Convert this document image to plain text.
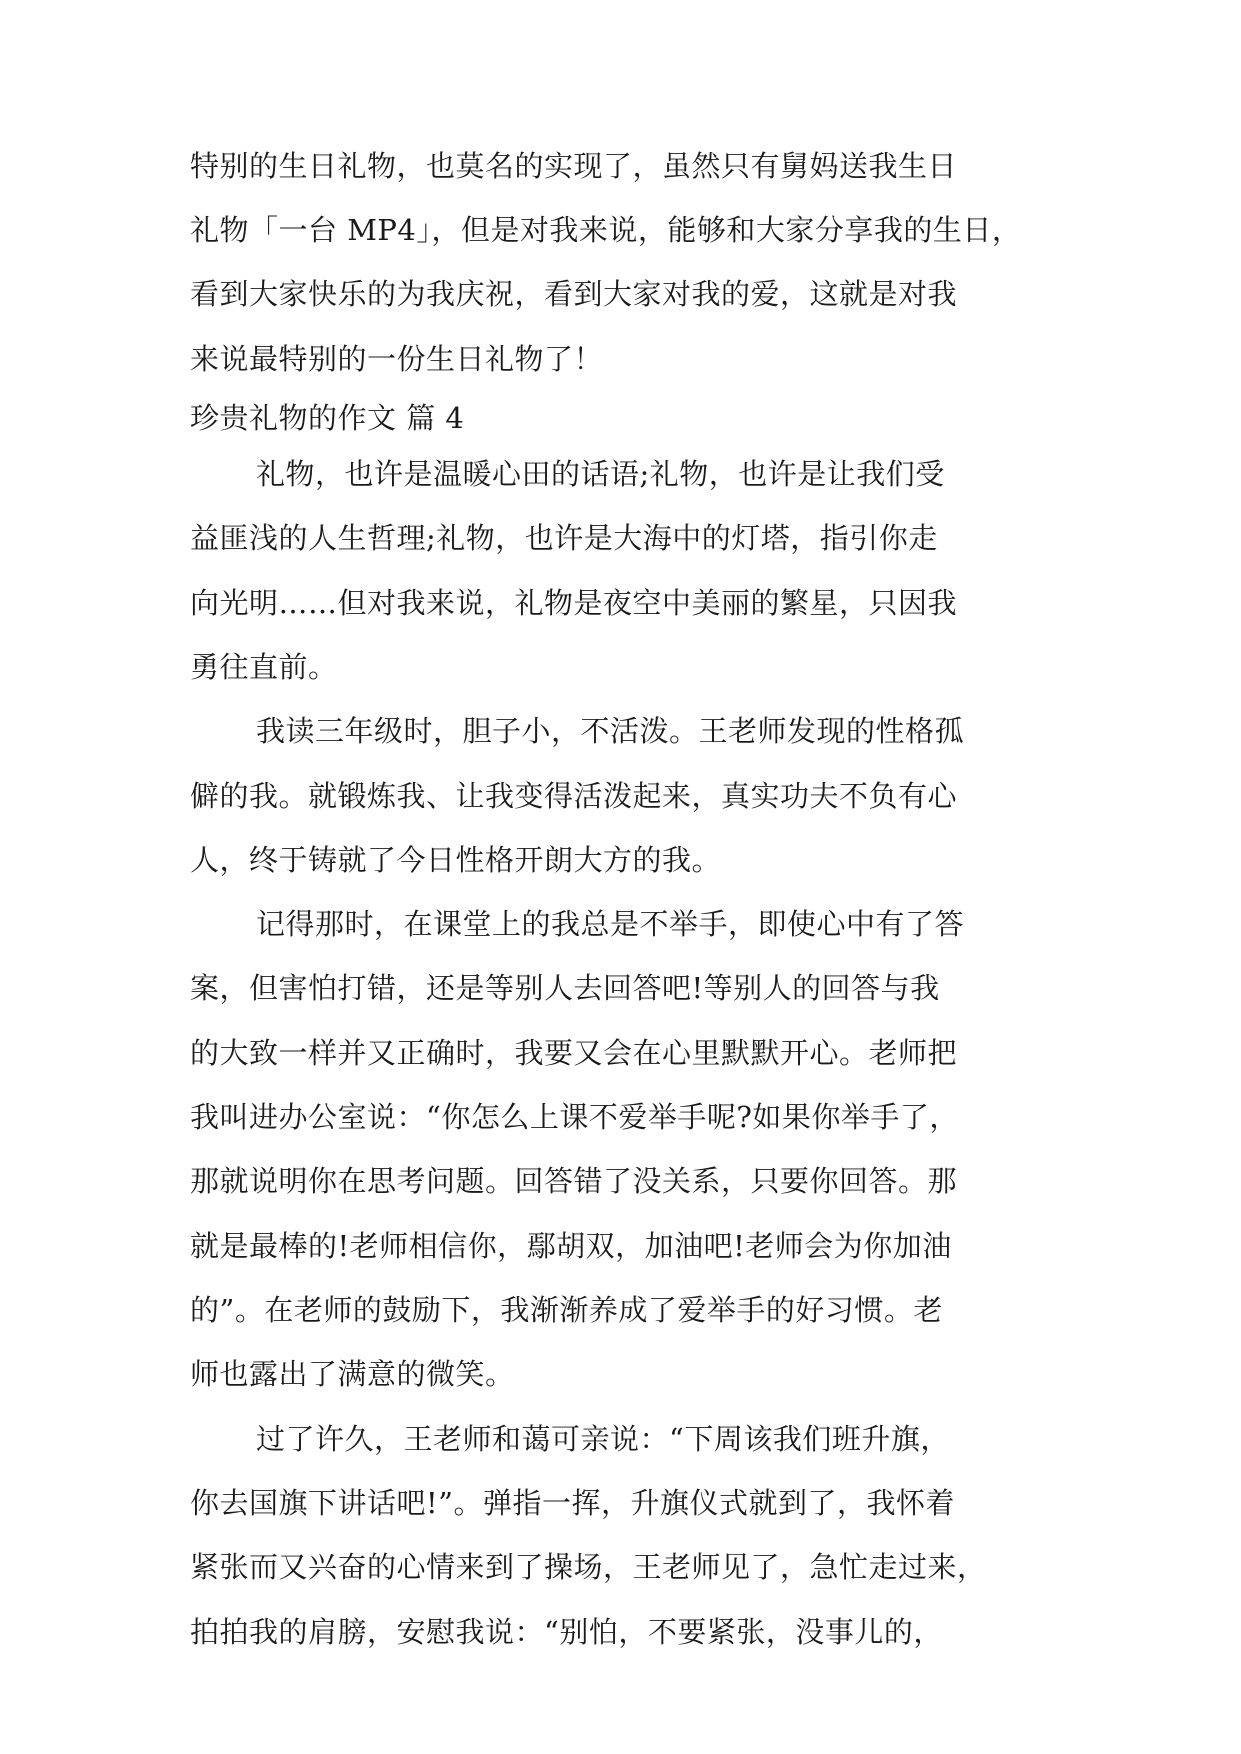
特别的生日礼物，也莫名的实现了，虽然只有舅妈送我生日
礼物「一台 MP4」，但是对我来说，能够和大家分享我的生日，
看到大家快乐的为我庆祝，看到大家对我的爱，这就是对我
来说最特别的一份生日礼物了！
珍贵礼物的作文 篇 4
礼物，也许是温暖心田的话语;礼物，也许是让我们受
益匪浅的人生哲理;礼物，也许是大海中的灯塔，指引你走
向光明……但对我来说，礼物是夜空中美丽的繁星，只因我
勇往直前。
我读三年级时，胆子小，不活泼。王老师发现的性格孤
僻的我。就锻炼我、让我变得活泼起来，真实功夫不负有心
人，终于铸就了今日性格开朗大方的我。
记得那时，在课堂上的我总是不举手，即使心中有了答
案，但害怕打错，还是等别人去回答吧!等别人的回答与我
的大致一样并又正确时，我要又会在心里默默开心。老师把
我叫进办公室说：“你怎么上课不爱举手呢?如果你举手了，
那就说明你在思考问题。回答错了没关系，只要你回答。那
就是最棒的!老师相信你，鄢胡双，加油吧!老师会为你加油
的”。在老师的鼓励下，我渐渐养成了爱举手的好习惯。老
师也露出了满意的微笑。
过了许久，王老师和蔼可亲说：“下周该我们班升旗，
你去国旗下讲话吧!”。弹指一挥，升旗仪式就到了，我怀着
紧张而又兴奋的心情来到了操场，王老师见了，急忙走过来，
拍拍我的肩膀，安慰我说：“别怕，不要紧张，没事儿的，
